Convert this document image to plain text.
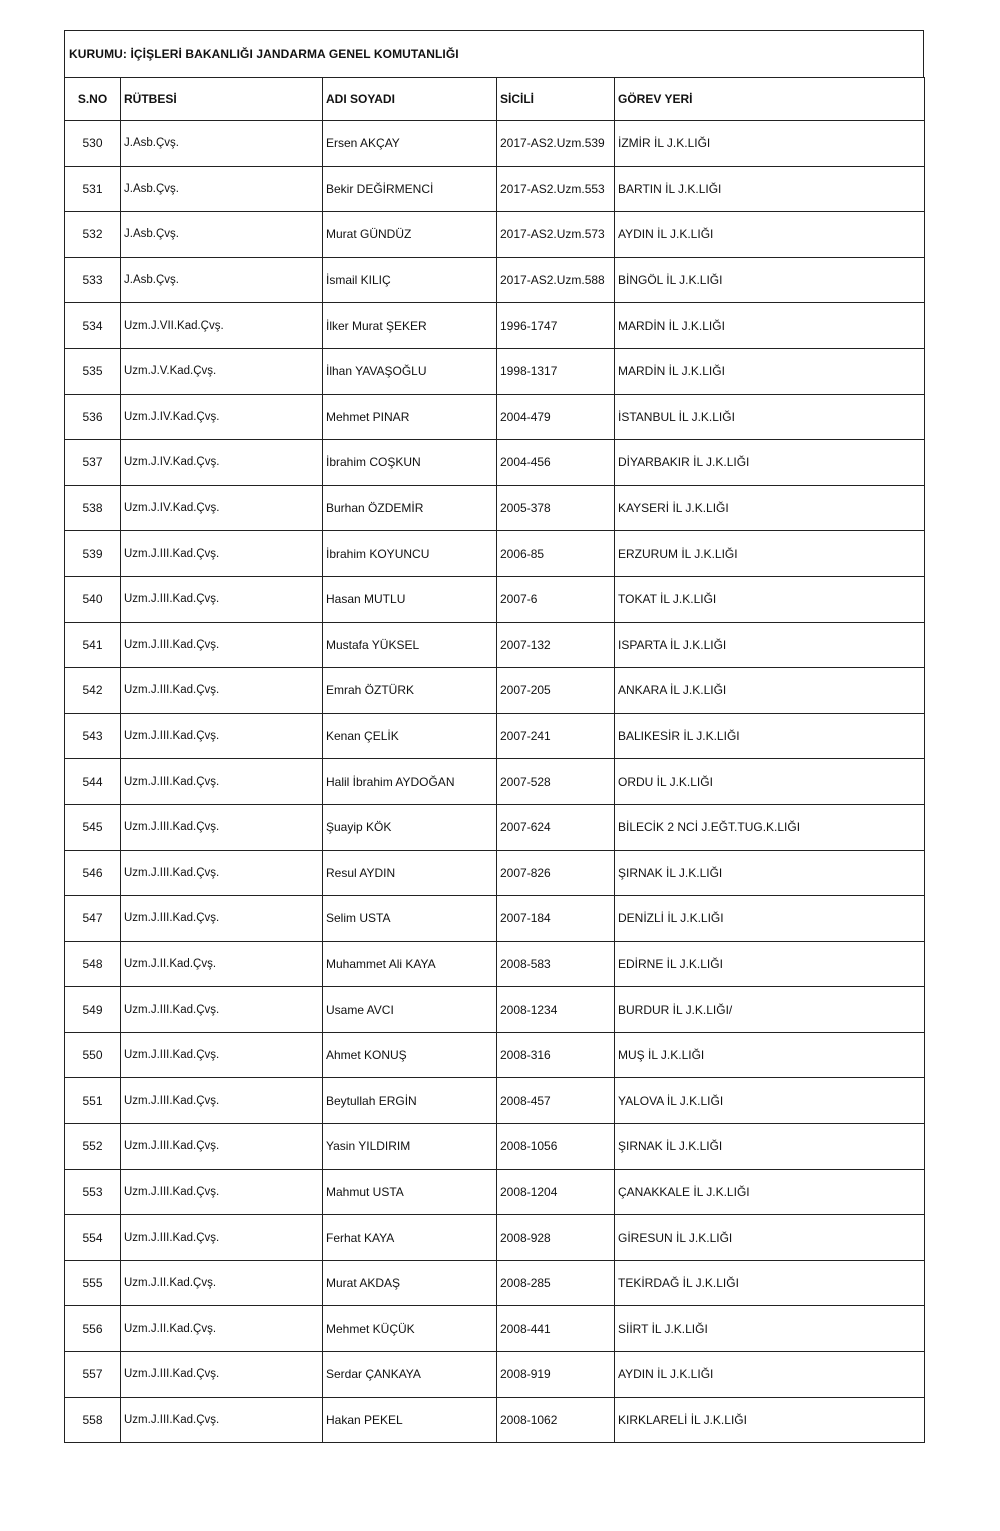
KURUMU: İÇİŞLERİ BAKANLIĞI JANDARMA GENEL KOMUTANLIĞI
S.NO	RÜTBESİ	ADI SOYADI	SİCİLİ	GÖREV YERİ
530	J.Asb.Çvş.	Ersen AKÇAY	2017-AS2.Uzm.539	İZMİR İL J.K.LIĞI
531	J.Asb.Çvş.	Bekir DEĞİRMENCİ	2017-AS2.Uzm.553	BARTIN İL J.K.LIĞI
532	J.Asb.Çvş.	Murat GÜNDÜZ	2017-AS2.Uzm.573	AYDIN İL J.K.LIĞI
533	J.Asb.Çvş.	İsmail KILIÇ	2017-AS2.Uzm.588	BİNGÖL İL J.K.LIĞI
534	Uzm.J.VII.Kad.Çvş.	İlker Murat ŞEKER	1996-1747	MARDİN İL J.K.LIĞI
535	Uzm.J.V.Kad.Çvş.	İlhan YAVAŞOĞLU	1998-1317	MARDİN İL J.K.LIĞI
536	Uzm.J.IV.Kad.Çvş.	Mehmet PINAR	2004-479	İSTANBUL İL J.K.LIĞI
537	Uzm.J.IV.Kad.Çvş.	İbrahim COŞKUN	2004-456	DİYARBAKIR İL J.K.LIĞI
538	Uzm.J.IV.Kad.Çvş.	Burhan ÖZDEMİR	2005-378	KAYSERİ İL J.K.LIĞI
539	Uzm.J.III.Kad.Çvş.	İbrahim KOYUNCU	2006-85	ERZURUM İL J.K.LIĞI
540	Uzm.J.III.Kad.Çvş.	Hasan MUTLU	2007-6	TOKAT İL J.K.LIĞI
541	Uzm.J.III.Kad.Çvş.	Mustafa YÜKSEL	2007-132	ISPARTA İL J.K.LIĞI
542	Uzm.J.III.Kad.Çvş.	Emrah ÖZTÜRK	2007-205	ANKARA İL J.K.LIĞI
543	Uzm.J.III.Kad.Çvş.	Kenan ÇELİK	2007-241	BALIKESİR İL J.K.LIĞI
544	Uzm.J.III.Kad.Çvş.	Halil İbrahim AYDOĞAN	2007-528	ORDU İL J.K.LIĞI
545	Uzm.J.III.Kad.Çvş.	Şuayip KÖK	2007-624	BİLECİK 2 NCİ J.EĞT.TUG.K.LIĞI
546	Uzm.J.III.Kad.Çvş.	Resul AYDIN	2007-826	ŞIRNAK İL J.K.LIĞI
547	Uzm.J.III.Kad.Çvş.	Selim USTA	2007-184	DENİZLİ İL J.K.LIĞI
548	Uzm.J.II.Kad.Çvş.	Muhammet Ali KAYA	2008-583	EDİRNE İL J.K.LIĞI
549	Uzm.J.III.Kad.Çvş.	Usame AVCI	2008-1234	BURDUR İL J.K.LIĞI/
550	Uzm.J.III.Kad.Çvş.	Ahmet KONUŞ	2008-316	MUŞ İL J.K.LIĞI
551	Uzm.J.III.Kad.Çvş.	Beytullah ERGİN	2008-457	YALOVA İL J.K.LIĞI
552	Uzm.J.III.Kad.Çvş.	Yasin YILDIRIM	2008-1056	ŞIRNAK İL J.K.LIĞI
553	Uzm.J.III.Kad.Çvş.	Mahmut USTA	2008-1204	ÇANAKKALE İL J.K.LIĞI
554	Uzm.J.III.Kad.Çvş.	Ferhat KAYA	2008-928	GİRESUN İL J.K.LIĞI
555	Uzm.J.II.Kad.Çvş.	Murat AKDAŞ	2008-285	TEKİRDAĞ İL J.K.LIĞI
556	Uzm.J.II.Kad.Çvş.	Mehmet KÜÇÜK	2008-441	SİİRT İL J.K.LIĞI
557	Uzm.J.III.Kad.Çvş.	Serdar ÇANKAYA	2008-919	AYDIN İL J.K.LIĞI
558	Uzm.J.III.Kad.Çvş.	Hakan PEKEL	2008-1062	KIRKLARELİ İL J.K.LIĞI
